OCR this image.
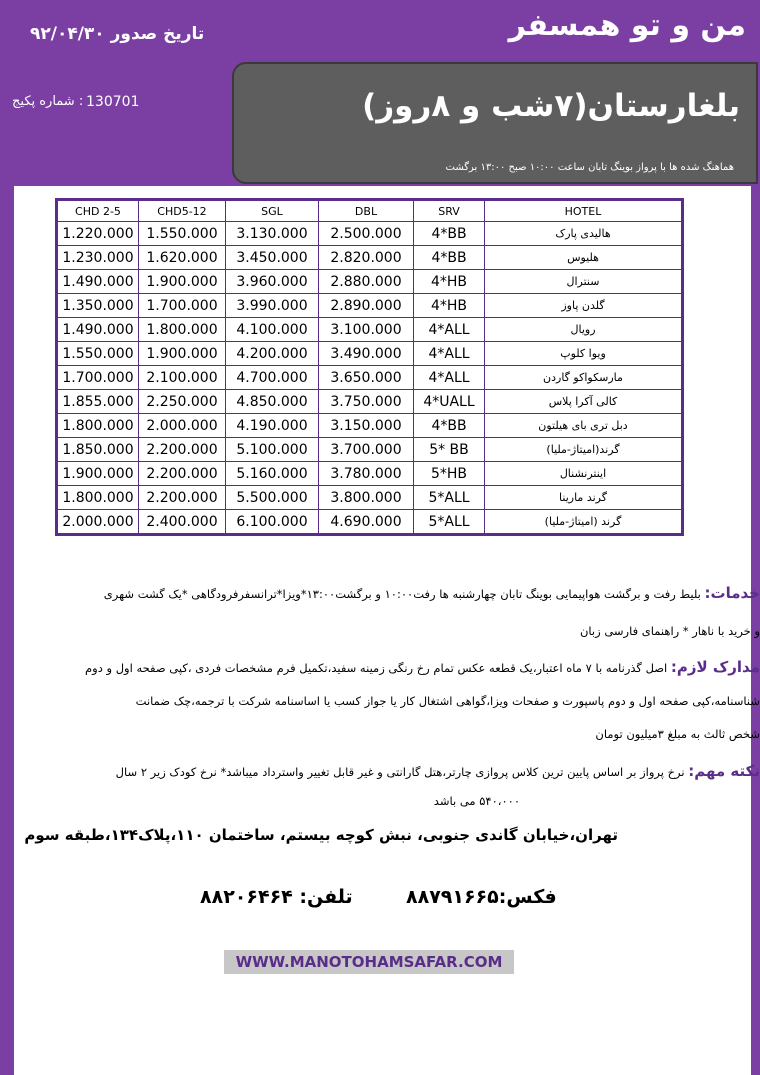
من و تو همسفر
تاریخ صدور ۹۲/۰۴/۳۰
130701
: شماره پکیج	بلغارستان(۷شب و ۸روز)
هماهنگ شده ها با پرواز بوینگ تابان ساعت ۱۰:۰۰ صبح ۱۳:۰۰ برگشت
CHD 2-5	CHD5-12	SGL	DBL	SRV	HOTEL
1.220.000	1.550.000	3.130.000	2.500.000	4*BB	هالیدی پارک
1.230.000	1.620.000	3.450.000	2.820.000	4*BB	هلیوس
1.490.000	1.900.000	3.960.000	2.880.000	4*HB	سنترال
1.350.000	1.700.000	3.990.000	2.890.000	4*HB	گلدن پاوز
1.490.000	1.800.000	4.100.000	3.100.000	4*ALL	رویال
1.550.000	1.900.000	4.200.000	3.490.000	4*ALL	ویوا کلوپ
1.700.000	2.100.000	4.700.000	3.650.000	4*ALL	مارسکواکو گاردن
1.855.000	2.250.000	4.850.000	3.750.000	4*UALL	کالی آکرا پلاس
1.800.000	2.000.000	4.190.000	3.150.000	4*BB	دبل تری بای هیلتون
1.850.000	2.200.000	5.100.000	3.700.000	5* BB	گرند(امیتاژ-ملیا)
1.900.000	2.200.000	5.160.000	3.780.000	5*HB	اینترنشنال
1.800.000	2.200.000	5.500.000	3.800.000	5*ALL	گرند مارینا
2.000.000	2.400.000	6.100.000	4.690.000	5*ALL	گرند (امیتاژ-ملیا)
خدمات: بلیط رفت و برگشت هواپیمایی بوینگ تابان چهارشنبه ها رفت۱۰:۰۰ و برگشت۱۳:۰۰*ویزا*ترانسفرفرودگاهی *یک گشت شهری
و خرید با ناهار * راهنمای فارسی زبان
مدارک لازم: اصل گذرنامه با ۷ ماه اعتبار،یک قطعه عکس تمام رخ رنگی زمینه سفید،تکمیل فرم مشخصات فردی ،کپی صفحه اول و دوم
شناسنامه،کپی صفحه اول و دوم پاسپورت و صفحات ویزا،گواهی اشتغال کار یا جواز کسب یا اساسنامه شرکت با ترجمه،چک ضمانت
شخص ثالث به مبلغ ۳میلیون تومان
نکته مهم: نرخ پرواز بر اساس پایین ترین کلاس پروازی چارتر،هتل گارانتی و غیر قابل تغییر واسترداد میباشد* نرخ کودک زیر ۲ سال
۵۴۰،۰۰۰ می باشد
تهران،خیابان گاندی جنوبی، نبش کوچه بیستم، ساختمان ۱۱۰،پلاک۱۳۴،طبقه سوم
فکس:۸۸۷۹۱۶۶۵
تلفن: ۸۸۲۰۶۴۶۴
WWW.MANOTOHAMSAFAR.COM
